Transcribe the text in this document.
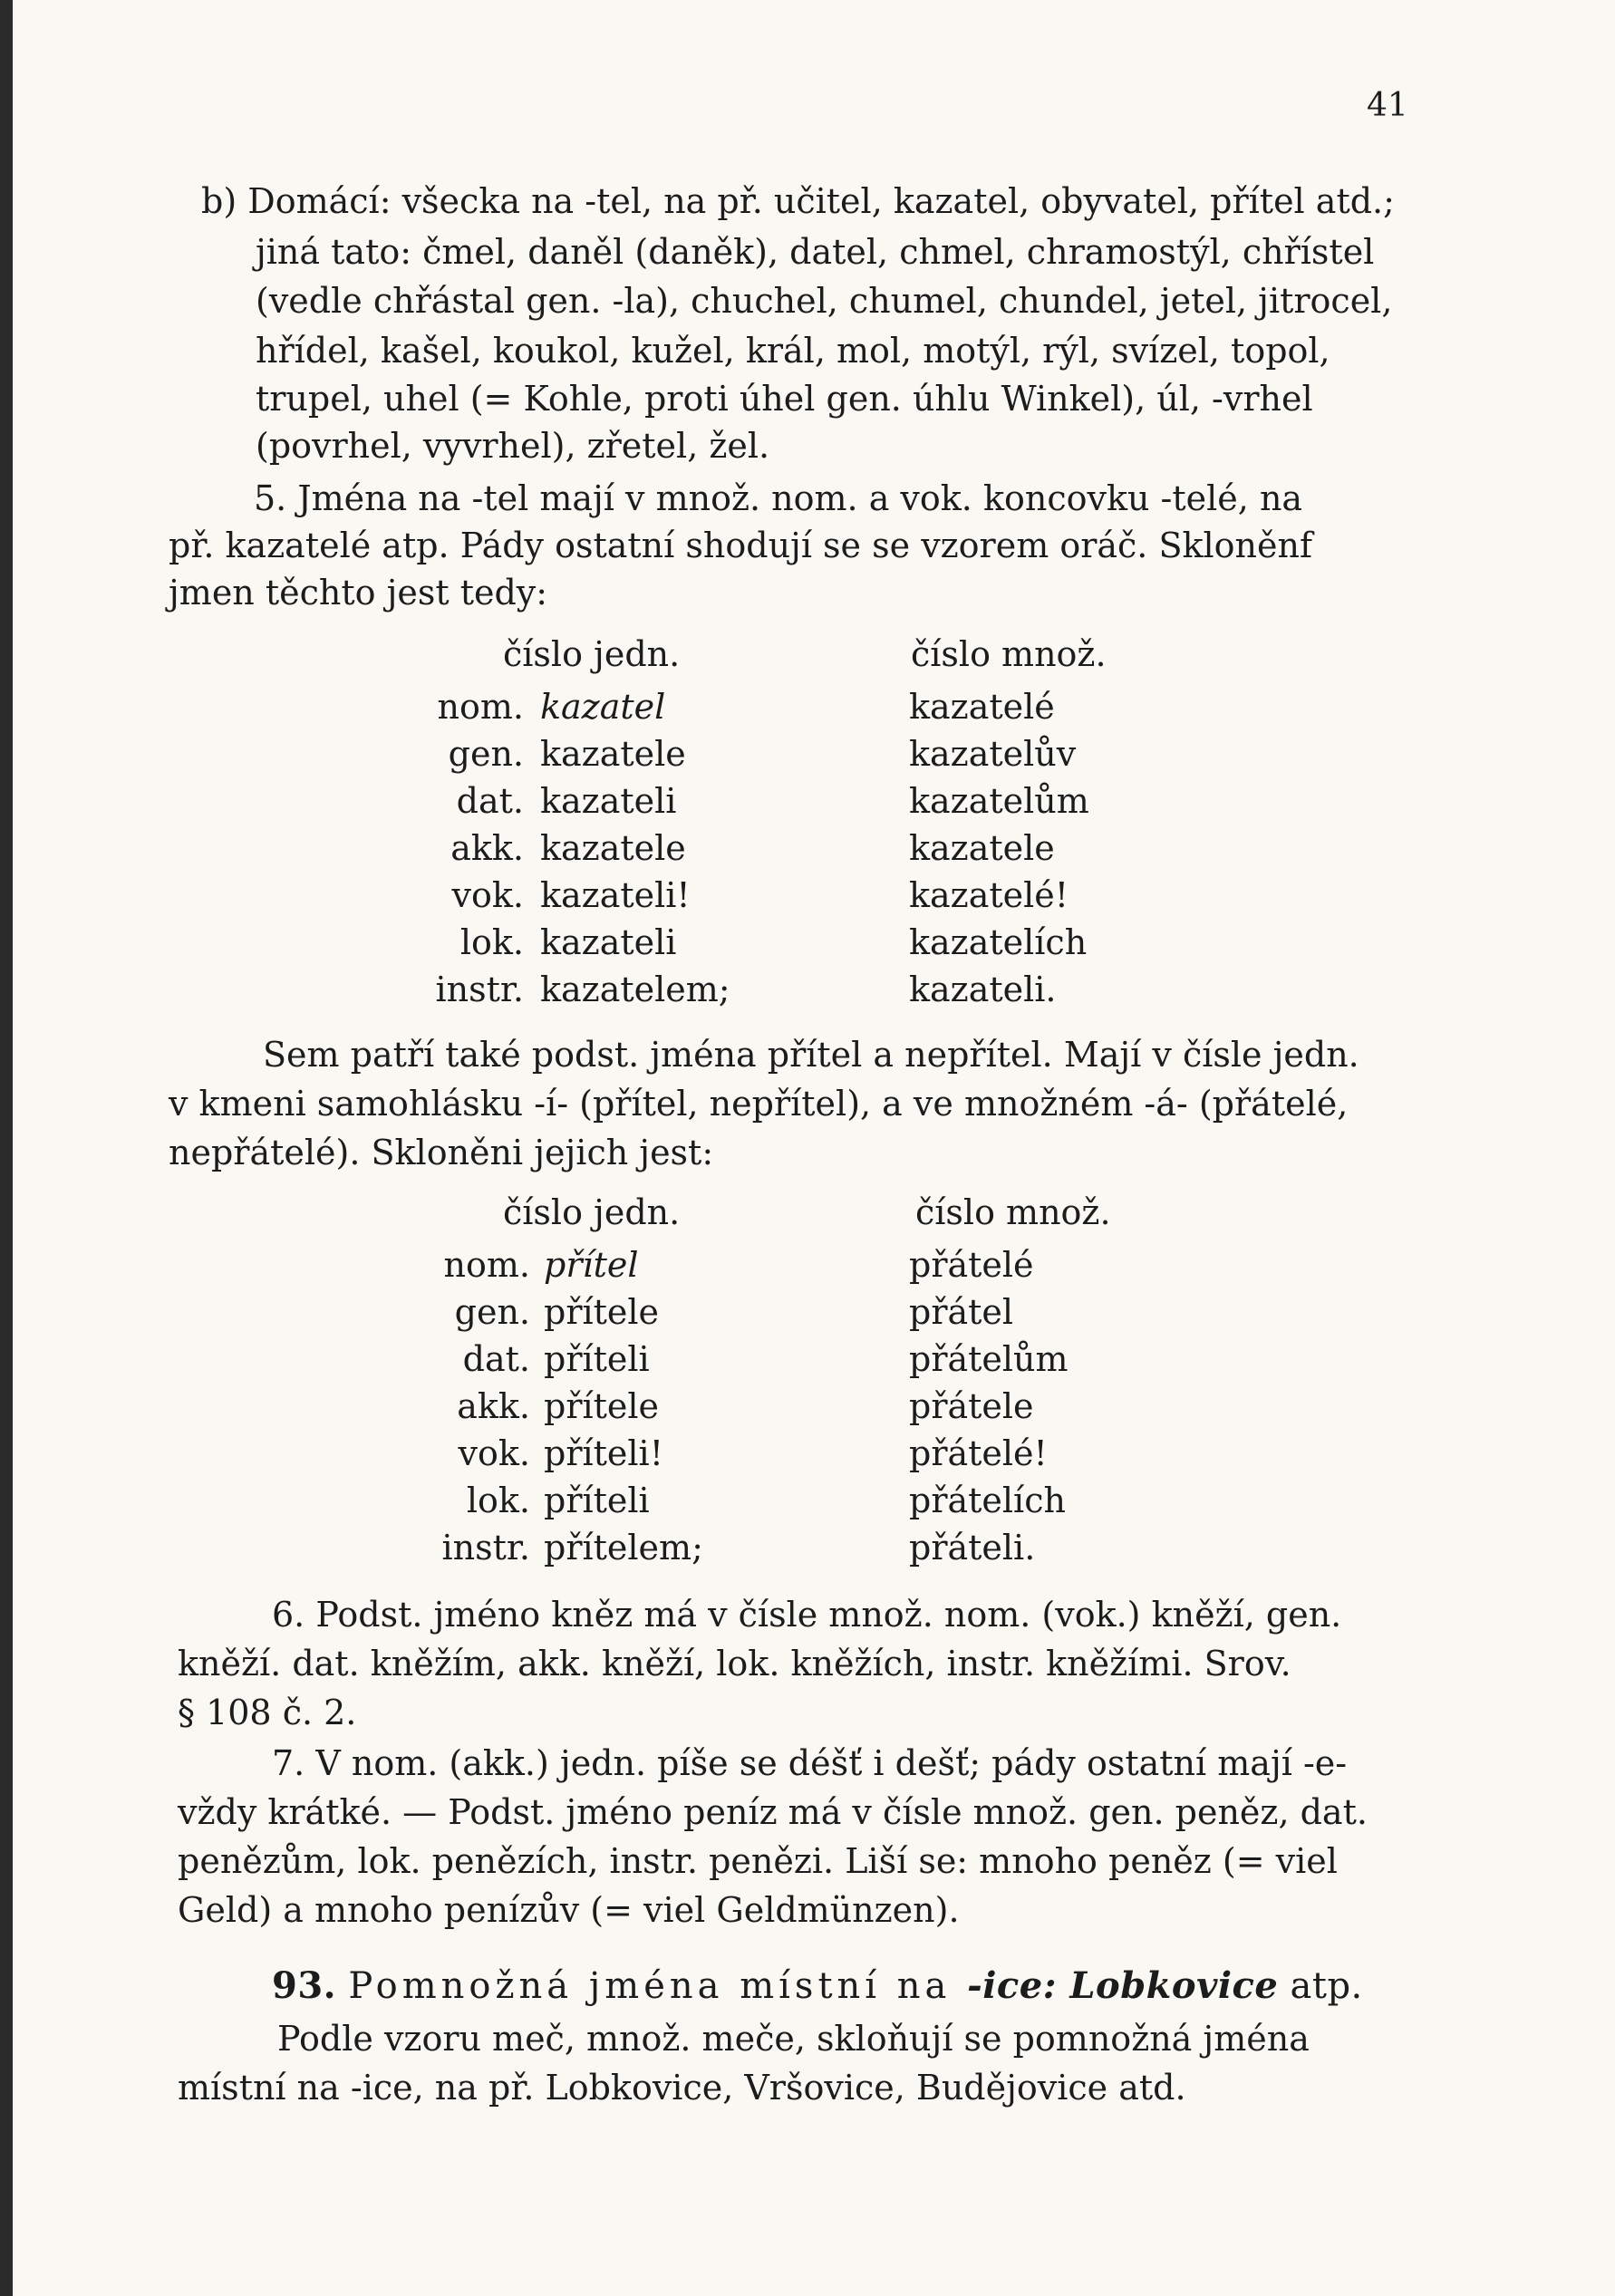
41
b) Domácí: všecka na -tel, na př. učitel, kazatel, obyvatel, přítel atd.;
jiná tato: čmel, daněl (daněk), datel, chmel, chramostýl, chřístel
(vedle chřástal gen. -la), chuchel, chumel, chundel, jetel, jitrocel,
hřídel, kašel, koukol, kužel, král, mol, motýl, rýl, svízel, topol,
trupel, uhel (= Kohle, proti úhel gen. úhlu Winkel), úl, -vrhel
(povrhel, vyvrhel), zřetel, žel.
5. Jména na -tel mají v množ. nom. a vok. koncovku -telé, na
př. kazatelé atp. Pády ostatní shodují se se vzorem oráč. Skloněnf
jmen těchto jest tedy:
číslo jedn.	číslo množ.
nom. kazatel	kazatelé
gen. kazatele	kazatelův
dat. kazateli	kazatelům
akk. kazatele	kazatele
vok. kazateli!	kazatelé!
lok. kazateli	kazatelích
instr. kazatelem;	kazateli.
Sem patří také podst. jména přítel a nepřítel. Mají v čísle jedn.
v kmeni samohlásku -í- (přítel, nepřítel), a ve množném -á- (přátelé,
nepřátelé). Skloněni jejich jest:
číslo jedn.	číslo množ.
nom. přítel	přátelé
gen. přítele	přátel
dat. příteli	přátelům
akk. přítele	přátele
vok. příteli!	přátelé!
lok. příteli	přátelích
instr. přítelem;	přáteli.
6. Podst. jméno kněz má v čísle množ. nom. (vok.) kněží, gen.
kněží. dat. kněžím, akk. kněží, lok. kněžích, instr. kněžími. Srov.
§ 108 č. 2.
7. V nom. (akk.) jedn. píše se déšť i dešť; pády ostatní mají -e-
vždy krátké. — Podst. jméno peníz má v čísle množ. gen. peněz, dat.
penězům, lok. penězích, instr. penězi. Liší se: mnoho peněz (= viel
Geld) a mnoho penízův (= viel Geldmünzen).
93. Pomnožná jména místní na -ice: Lobkovice atp.
Podle vzoru meč, množ. meče, skloňují se pomnožná jména
místní na -ice, na př. Lobkovice, Vršovice, Budějovice atd.
